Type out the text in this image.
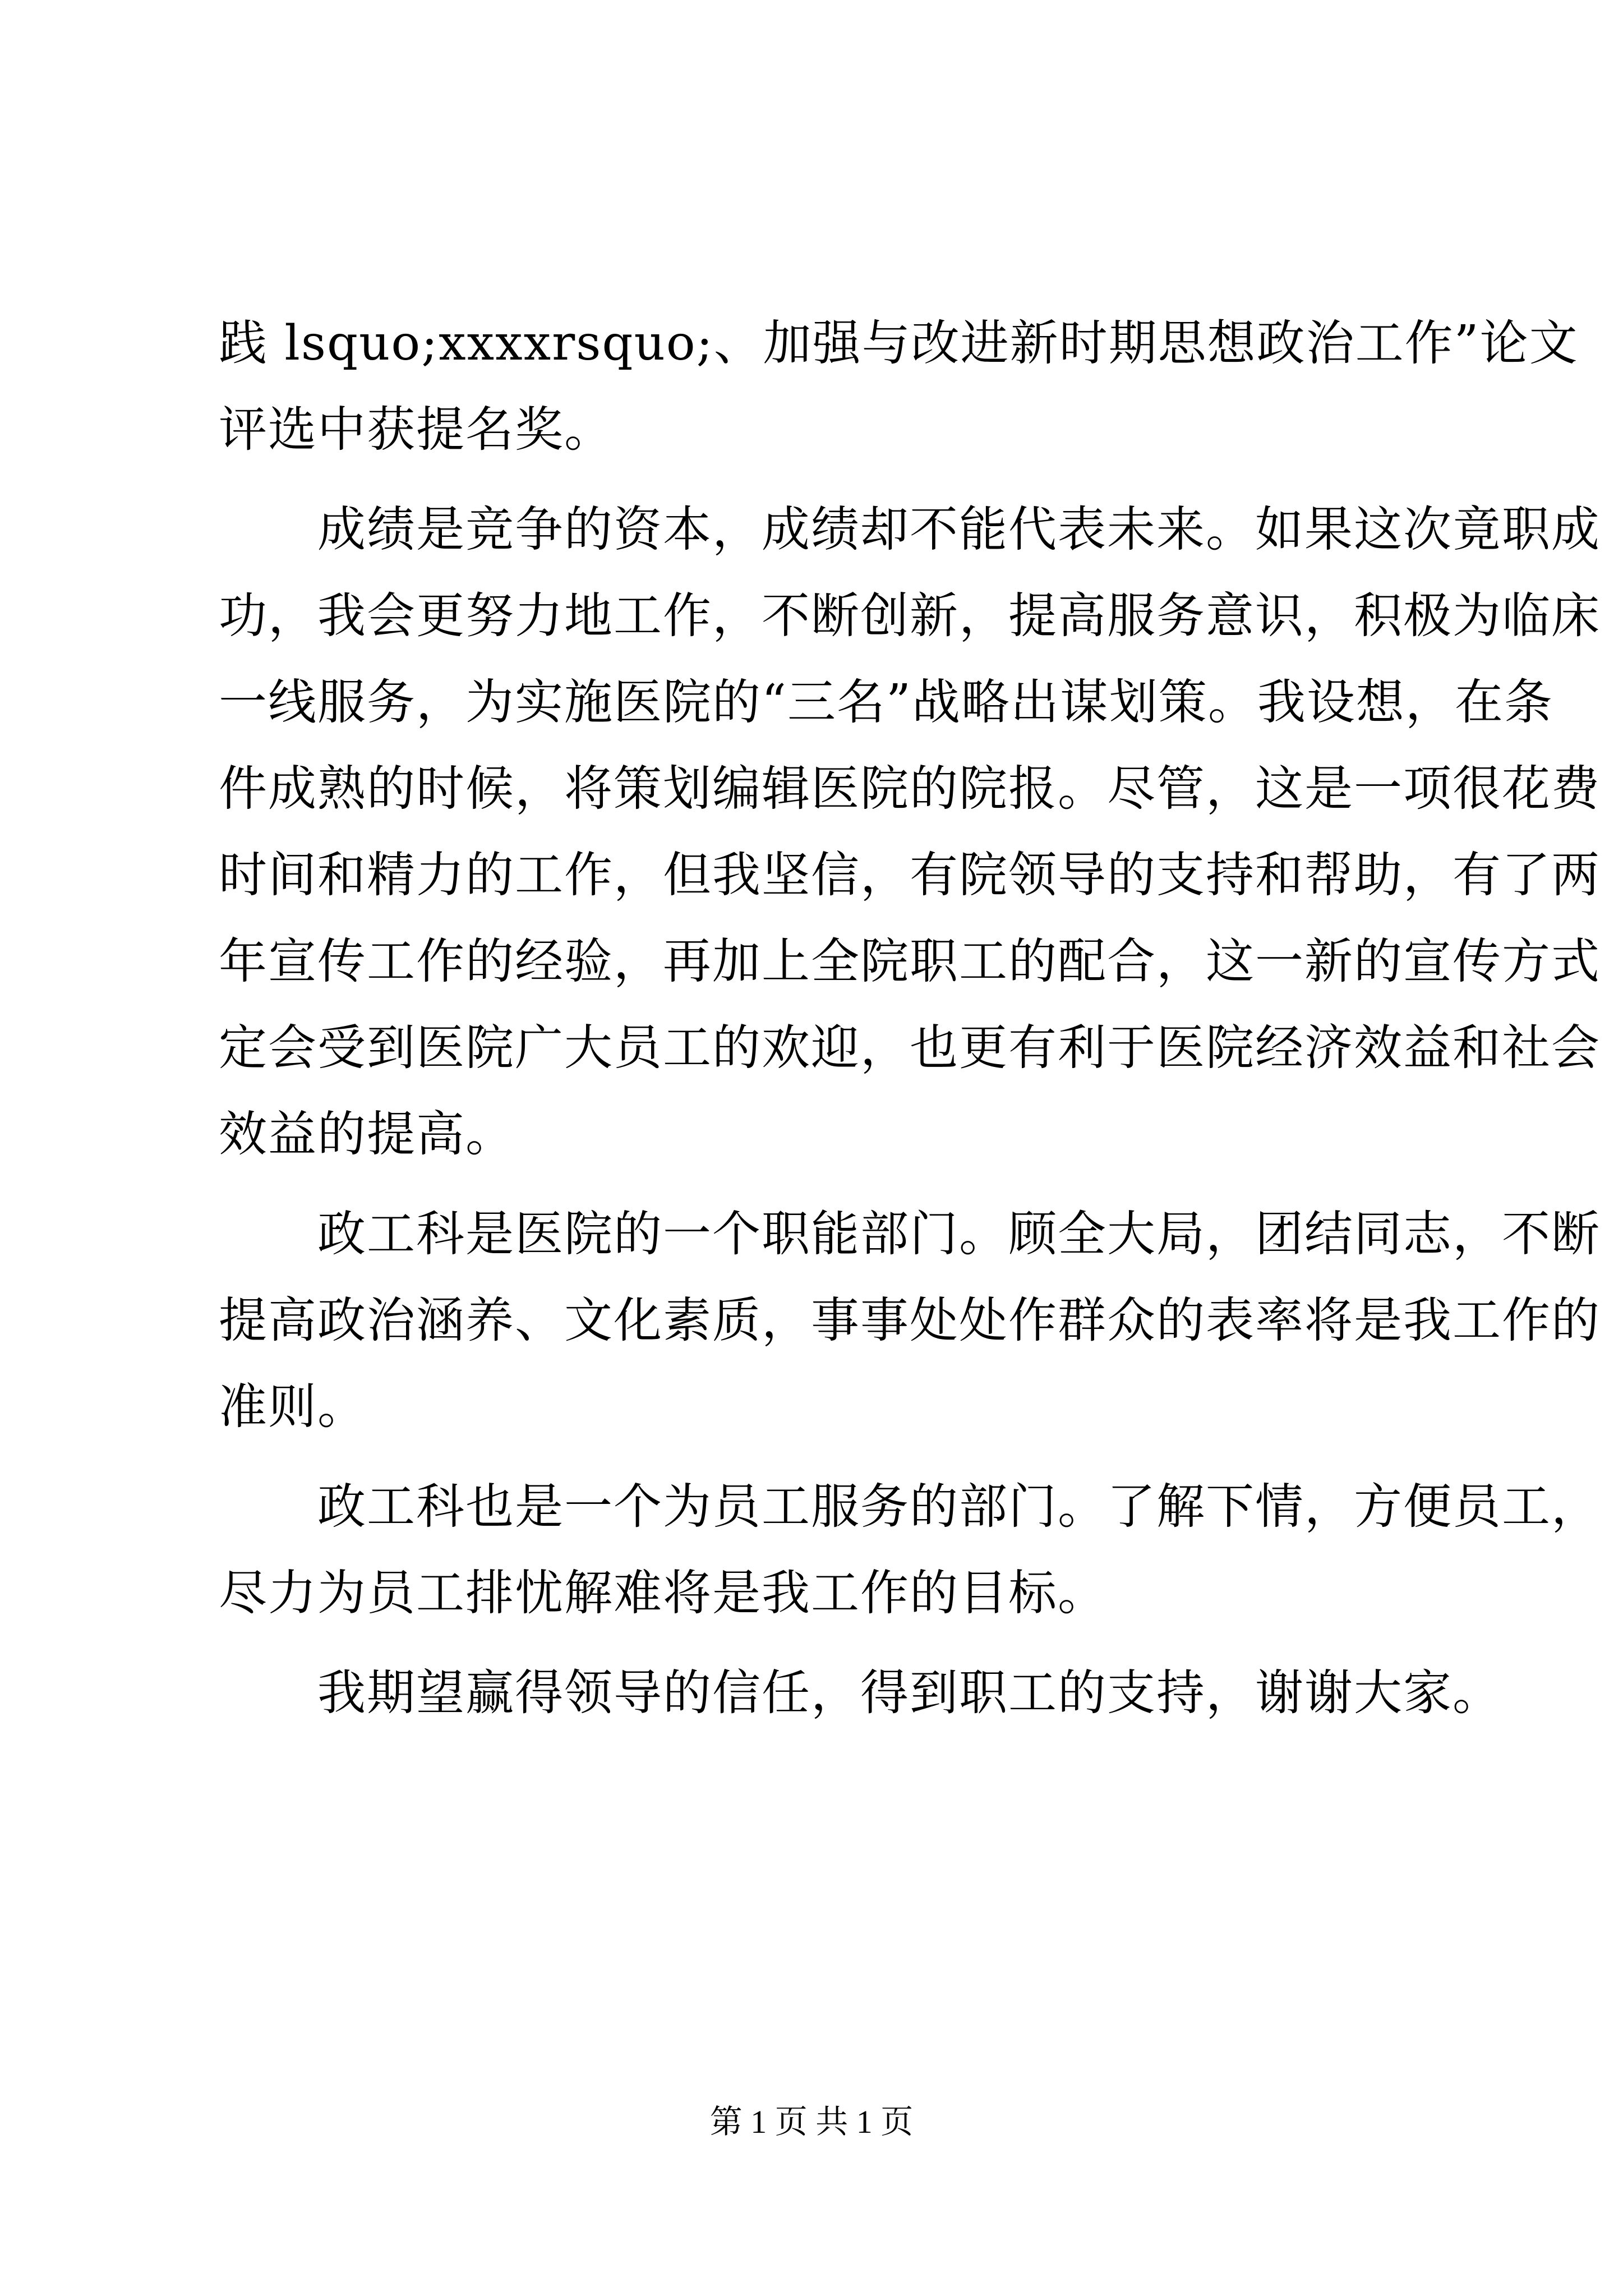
践 lsquo;xxxxrsquo;、加强与改进新时期思想政治工作”论文
评选中获提名奖。
　　成绩是竞争的资本，成绩却不能代表未来。如果这次竟职成
功，我会更努力地工作，不断创新，提高服务意识，积极为临床
一线服务，为实施医院的“三名”战略出谋划策。我设想，在条
件成熟的时候，将策划编辑医院的院报。尽管，这是一项很花费
时间和精力的工作，但我坚信，有院领导的支持和帮助，有了两
年宣传工作的经验，再加上全院职工的配合，这一新的宣传方式
定会受到医院广大员工的欢迎，也更有利于医院经济效益和社会
效益的提高。
　　政工科是医院的一个职能部门。顾全大局，团结同志，不断
提高政治涵养、文化素质，事事处处作群众的表率将是我工作的
准则。
　　政工科也是一个为员工服务的部门。了解下情，方便员工，
尽力为员工排忧解难将是我工作的目标。
　　我期望赢得领导的信任，得到职工的支持，谢谢大家。
第 1 页 共 1 页
